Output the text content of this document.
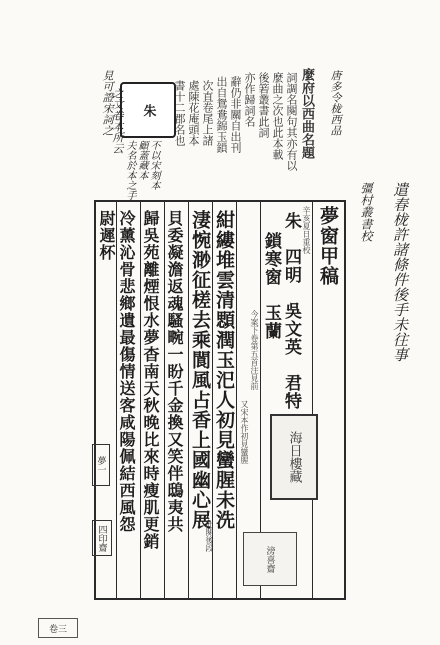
朱
遣春栊許諸條件後手未往事
唐多令栊西品
彊村叢書校
夢窗甲稿
朱　四明　吳文英　君特
鎖寒窗　玉蘭
紺縷堆雲清顋潤玉汜人初見蠻腥未洗
淒惋渺征槎去乘閬風占香上國幽心展
貝委凝澹返魂騷畹一盼千金換又笑伴鴟夷共
歸吳苑離煙恨水夢杳南天秋晚比來時瘦肌更銷
冷薰沁骨悲鄉遺最傷情送客咸陽佩結西風怨
尉遲杯	辛亥夏日重校
今案下卷第五首注見前
又宋本作初見蠻腥
此闋後段
麼府以西曲名題
詞調名闋句其亦有以
麼曲之次也此本載
後箬叢書此詞
亦作歸詞名
辭仍非關自出刊
出自鴛鴦錦玉鎖
次直卷尾上諸
處陳花庵頭本
書十二郡名也
見可證宋詞之
之文卷本所云
夫名於本之手 顧蓋藏本 不以宋刻本
海日樓藏
滂喜齋
夢一
四印齋
卷三
